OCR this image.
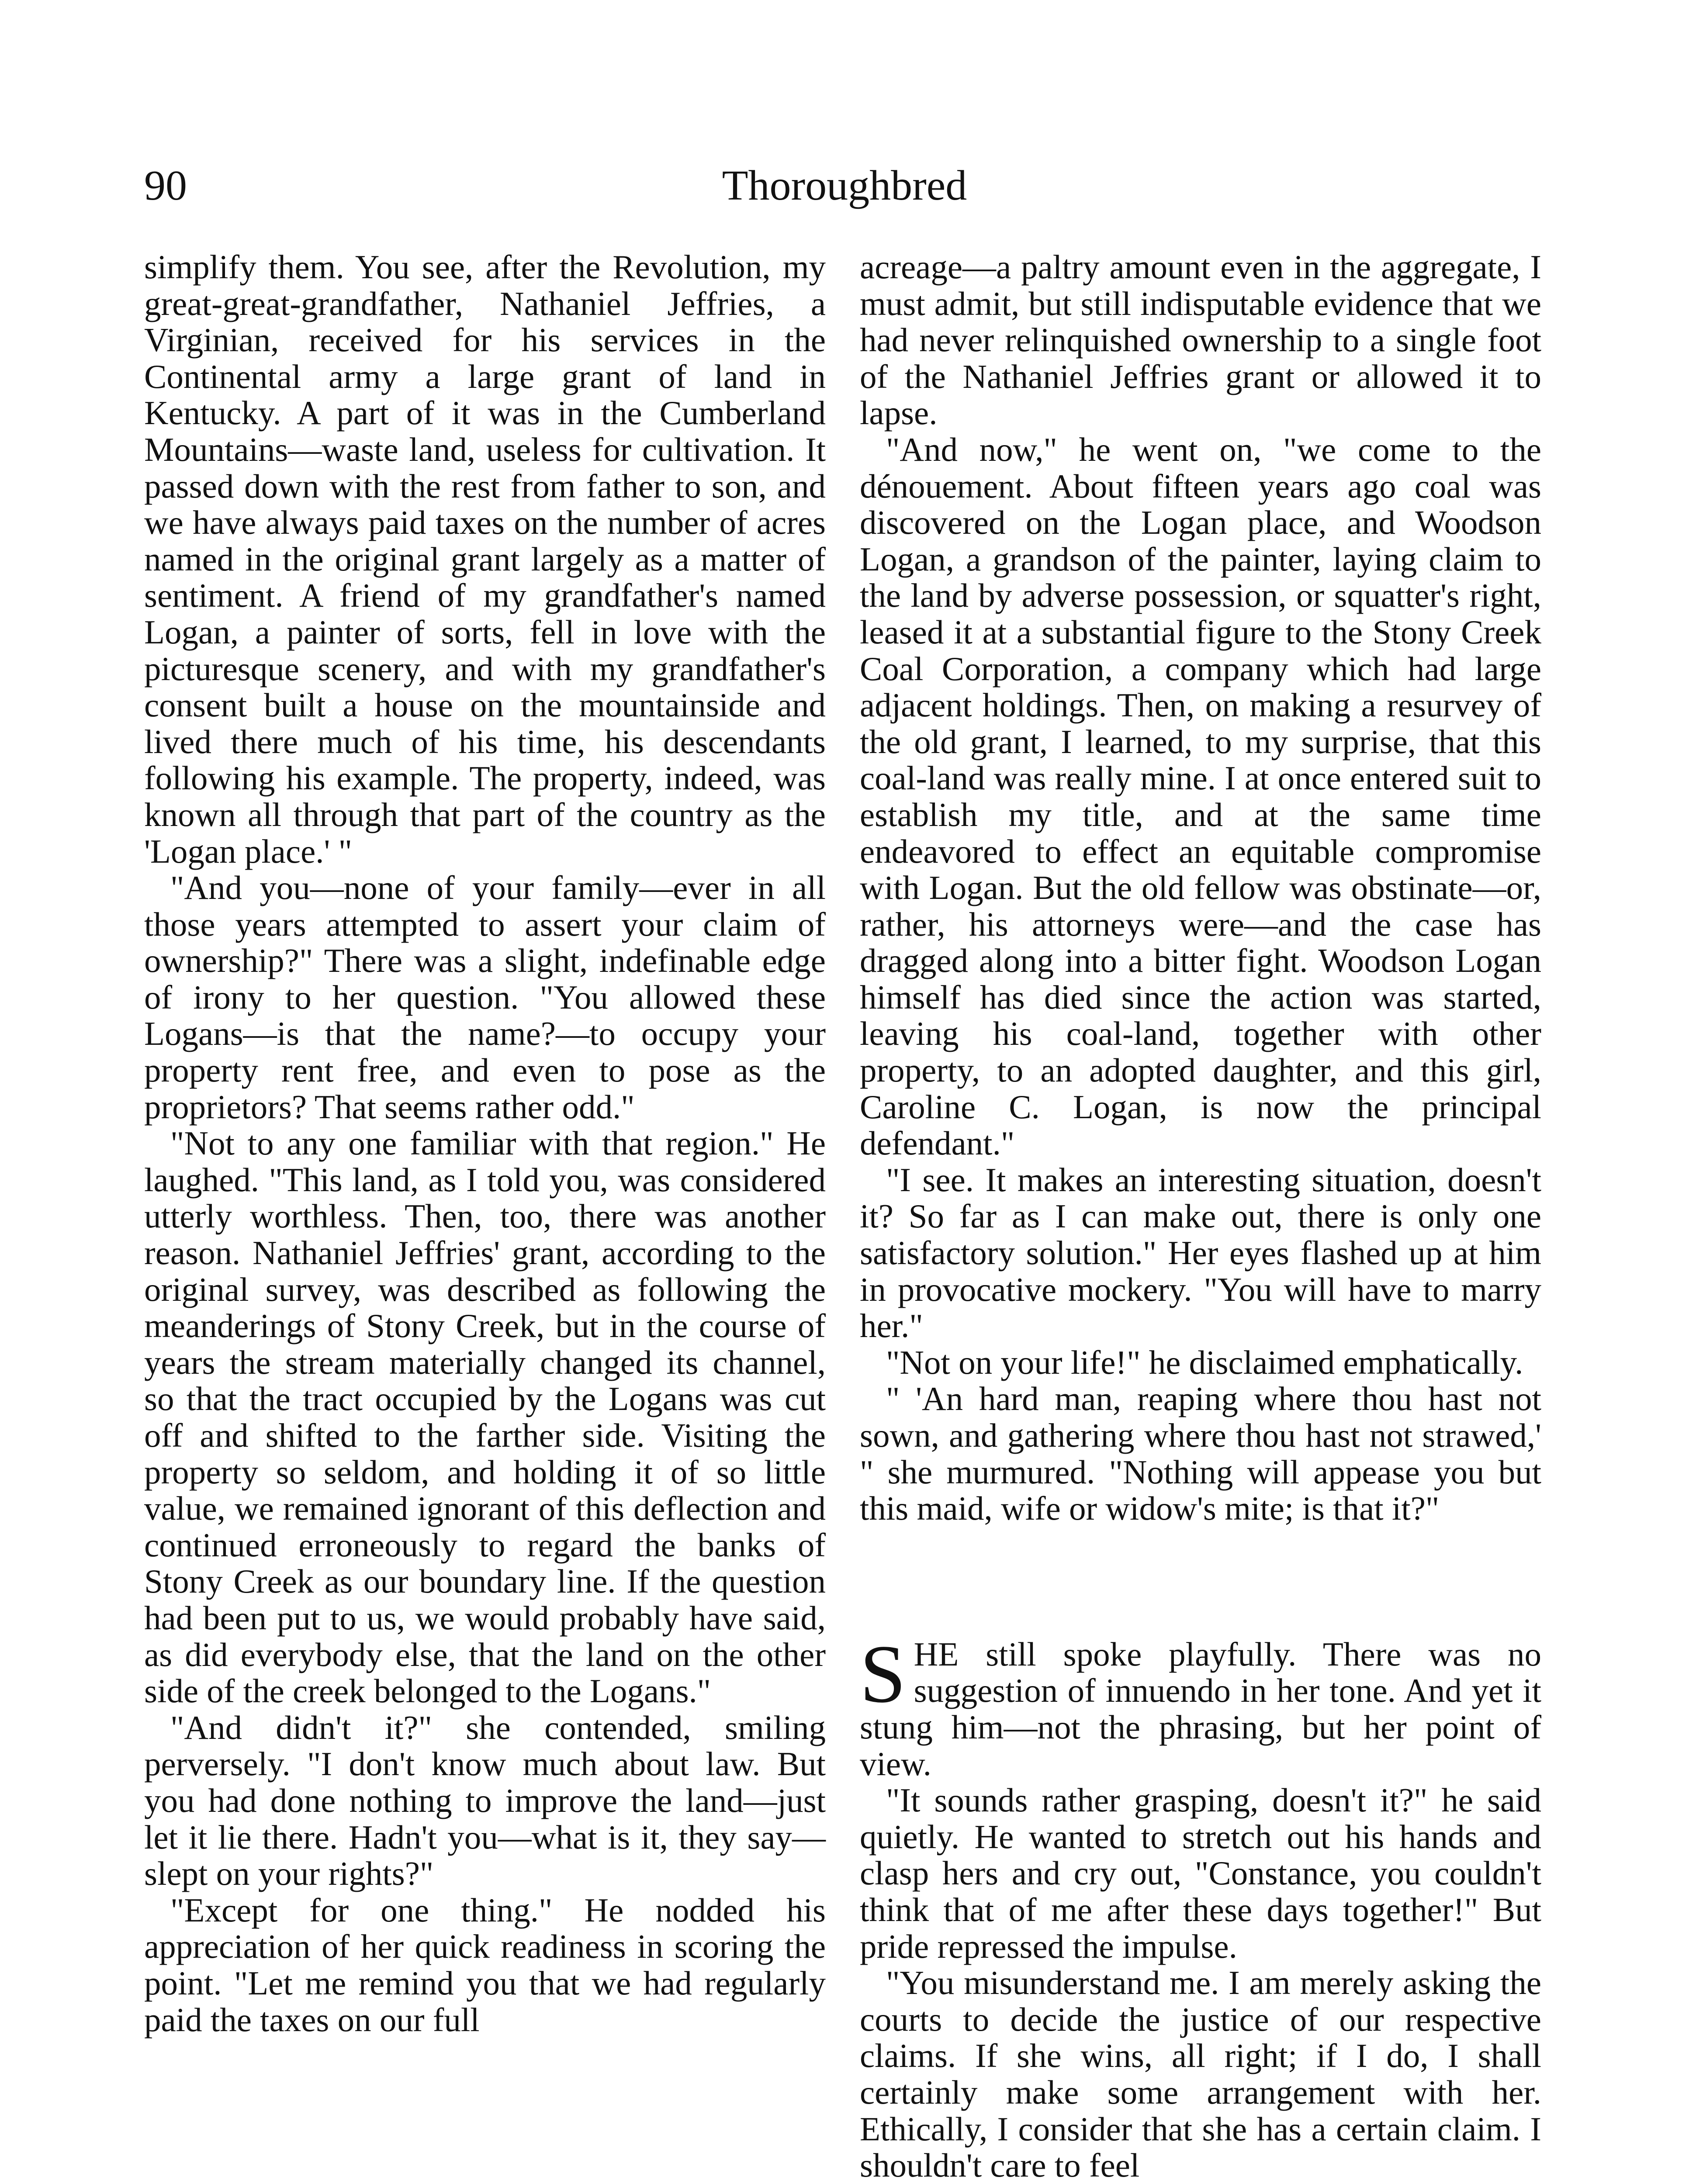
90	Thoroughbred

simplify them. You see, after the Revolution, my great-great-grandfather, Nathaniel Jeffries, a Virginian, received for his services in the Continental army a large grant of land in Kentucky. A part of it was in the Cumberland Mountains—waste land, useless for cultivation. It passed down with the rest from father to son, and we have always paid taxes on the number of acres named in the original grant largely as a matter of sentiment. A friend of my grandfather's named Logan, a painter of sorts, fell in love with the picturesque scenery, and with my grandfather's consent built a house on the mountainside and lived there much of his time, his descendants following his example. The property, indeed, was known all through that part of the country as the 'Logan place.' "

"And you—none of your family—ever in all those years attempted to assert your claim of ownership?" There was a slight, indefinable edge of irony to her question. "You allowed these Logans—is that the name?—to occupy your property rent free, and even to pose as the proprietors? That seems rather odd."

"Not to any one familiar with that region." He laughed. "This land, as I told you, was considered utterly worthless. Then, too, there was another reason. Nathaniel Jeffries' grant, according to the original survey, was described as following the meanderings of Stony Creek, but in the course of years the stream materially changed its channel, so that the tract occupied by the Logans was cut off and shifted to the farther side. Visiting the property so seldom, and holding it of so little value, we remained ignorant of this deflection and continued erroneously to regard the banks of Stony Creek as our boundary line. If the question had been put to us, we would probably have said, as did everybody else, that the land on the other side of the creek belonged to the Logans."

"And didn't it?" she contended, smiling perversely. "I don't know much about law. But you had done nothing to improve the land—just let it lie there. Hadn't you—what is it, they say—slept on your rights?"

"Except for one thing." He nodded his appreciation of her quick readiness in scoring the point. "Let me remind you that we had regularly paid the taxes on our full

acreage—a paltry amount even in the aggregate, I must admit, but still indisputable evidence that we had never relinquished ownership to a single foot of the Nathaniel Jeffries grant or allowed it to lapse.

"And now," he went on, "we come to the dénouement. About fifteen years ago coal was discovered on the Logan place, and Woodson Logan, a grandson of the painter, laying claim to the land by adverse possession, or squatter's right, leased it at a substantial figure to the Stony Creek Coal Corporation, a company which had large adjacent holdings. Then, on making a resurvey of the old grant, I learned, to my surprise, that this coal-land was really mine. I at once entered suit to establish my title, and at the same time endeavored to effect an equitable compromise with Logan. But the old fellow was obstinate—or, rather, his attorneys were—and the case has dragged along into a bitter fight. Woodson Logan himself has died since the action was started, leaving his coal-land, together with other property, to an adopted daughter, and this girl, Caroline C. Logan, is now the principal defendant."

"I see. It makes an interesting situation, doesn't it? So far as I can make out, there is only one satisfactory solution." Her eyes flashed up at him in provocative mockery. "You will have to marry her."

"Not on your life!" he disclaimed emphatically.

" 'An hard man, reaping where thou hast not sown, and gathering where thou hast not strawed,' " she murmured. "Nothing will appease you but this maid, wife or widow's mite; is that it?"

SHE still spoke playfully. There was no suggestion of innuendo in her tone. And yet it stung him—not the phrasing, but her point of view.

"It sounds rather grasping, doesn't it?" he said quietly. He wanted to stretch out his hands and clasp hers and cry out, "Constance, you couldn't think that of me after these days together!" But pride repressed the impulse.

"You misunderstand me. I am merely asking the courts to decide the justice of our respective claims. If she wins, all right; if I do, I shall certainly make some arrangement with her. Ethically, I consider that she has a certain claim. I shouldn't care to feel
